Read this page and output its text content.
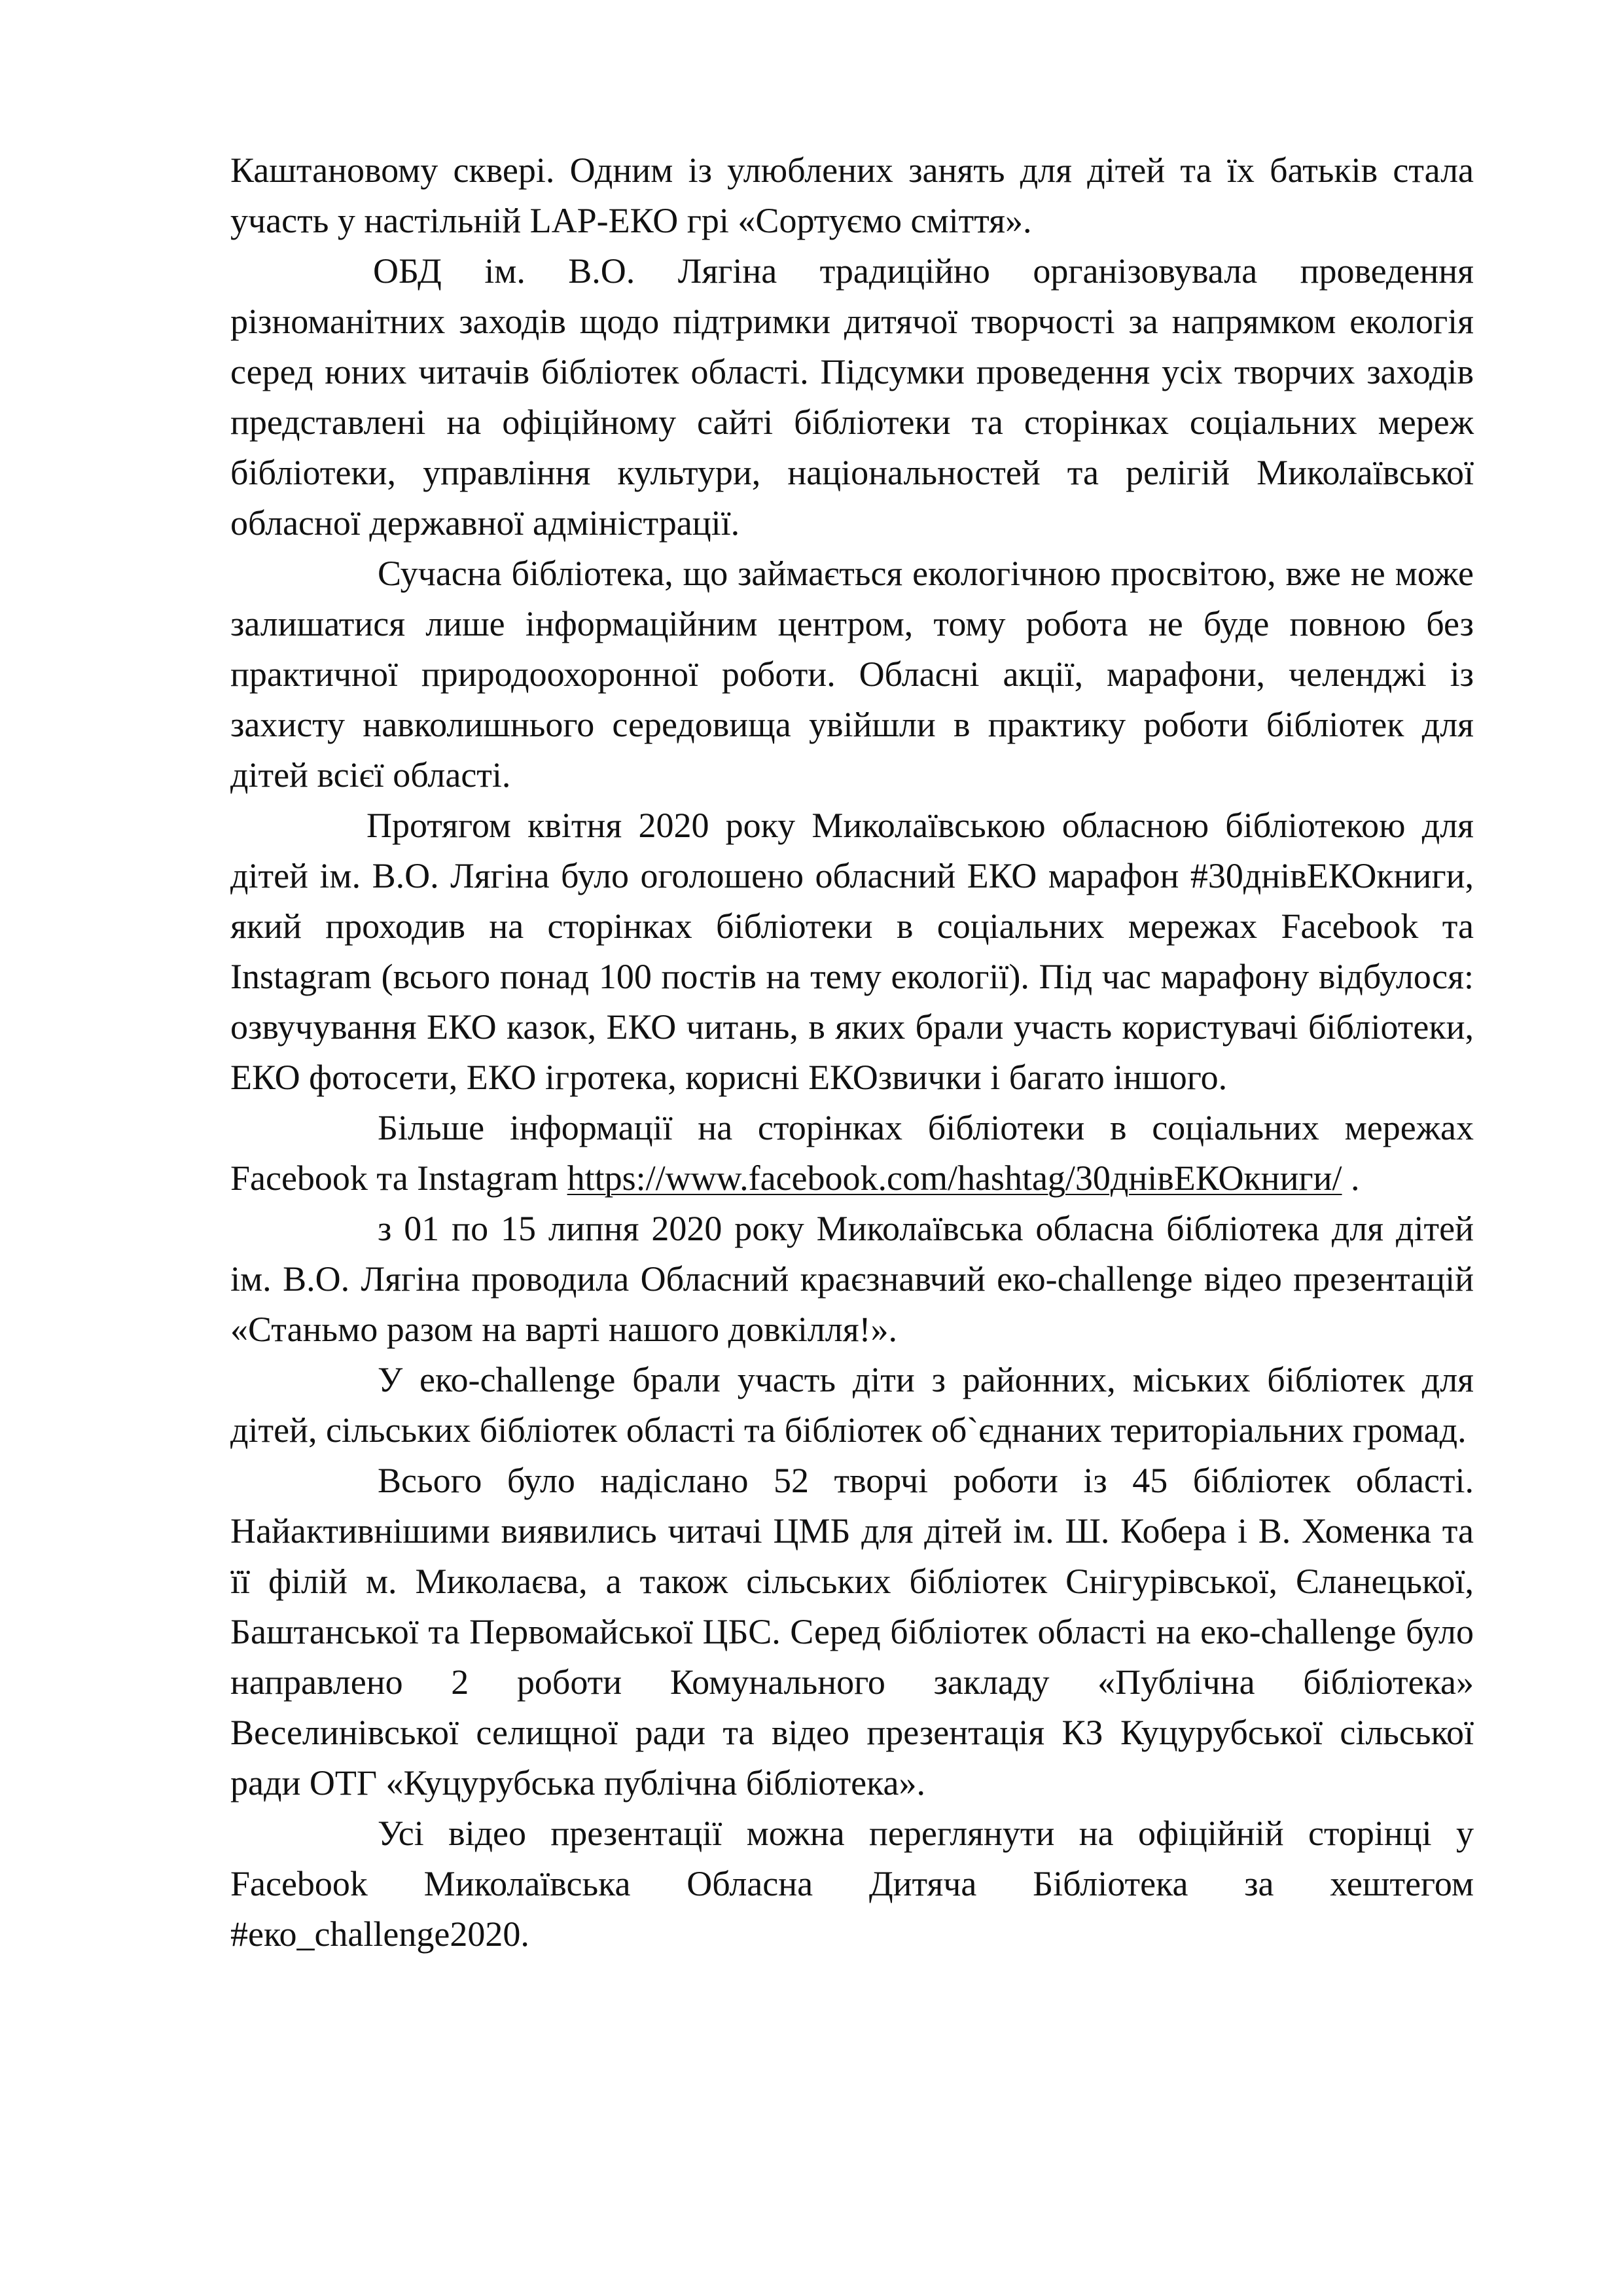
Каштановому скверi. Одним iз улюблених занять для дітей та їх батьків стала участь у настільній LAP-ЕКО грі «Сортуємо сміття».

ОБД ім. В.О. Лягіна традиційно організовувала проведення різноманітних заходів щодо підтримки дитячої творчості за напрямком екологія серед юних читачів бібліотек області. Підсумки проведення усіх творчих заходів представлені на офіційному сайті бібліотеки та сторінках соціальних мереж бібліотеки, управління культури, національностей та релігій Миколаївської обласної державної адміністрації.

Сучасна бібліотека, що займається екологічною просвітою, вже не може залишатися лише інформаційним центром, тому робота не буде повною без практичної природоохоронної роботи. Обласні акції, марафони, челенджі із захисту навколишнього середовища увійшли в практику роботи бібліотек для дітей всієї області.

Протягом квітня 2020 року Миколаївською обласною бібліотекою для дітей ім. В.О. Лягіна було оголошено обласний ЕКО марафон #30днівЕКОкниги, який проходив на сторінках бібліотеки в соціальних мережах Facebook та Instagram (всього понад 100 постів на тему екології). Під час марафону відбулося: озвучування ЕКО казок, ЕКО читань, в яких брали участь користувачі бібліотеки, ЕКО фотосети, ЕКО ігротека, корисні ЕКОзвички і багато іншого.

Більше інформації на сторінках бібліотеки в соціальних мережах Facebook та Instagram https://www.facebook.com/hashtag/30днівЕКОкниги/ .

з 01 по 15 липня 2020 року Миколаївська обласна бібліотека для дітей ім. В.О. Лягіна проводила Обласний краєзнавчий еко-challenge відео презентацій «Станьмо разом на варті нашого довкілля!».

У еко-challenge брали участь діти з районних, міських бібліотек для дітей, сільських бібліотек області та бібліотек об`єднаних територіальних громад.

Всього було надіслано 52 творчі роботи із 45 бібліотек області. Найактивнішими виявились читачі ЦМБ для дітей ім. Ш. Кобера і В. Хоменка та її філій м. Миколаєва, а також сільських бібліотек Снігурівської, Єланецької, Баштанської та Первомайської ЦБС. Серед бібліотек області на еко-challenge було направлено 2 роботи Комунального закладу «Публічна бібліотека» Веселинівської селищної ради та відео презентація КЗ Куцурубської сільської ради ОТГ «Куцурубська публічна бібліотека».

Усі відео презентації можна переглянути на офіційній сторінці у Facebook Миколаївська Обласна Дитяча Бібліотека за хештегом #еко_challenge2020.
